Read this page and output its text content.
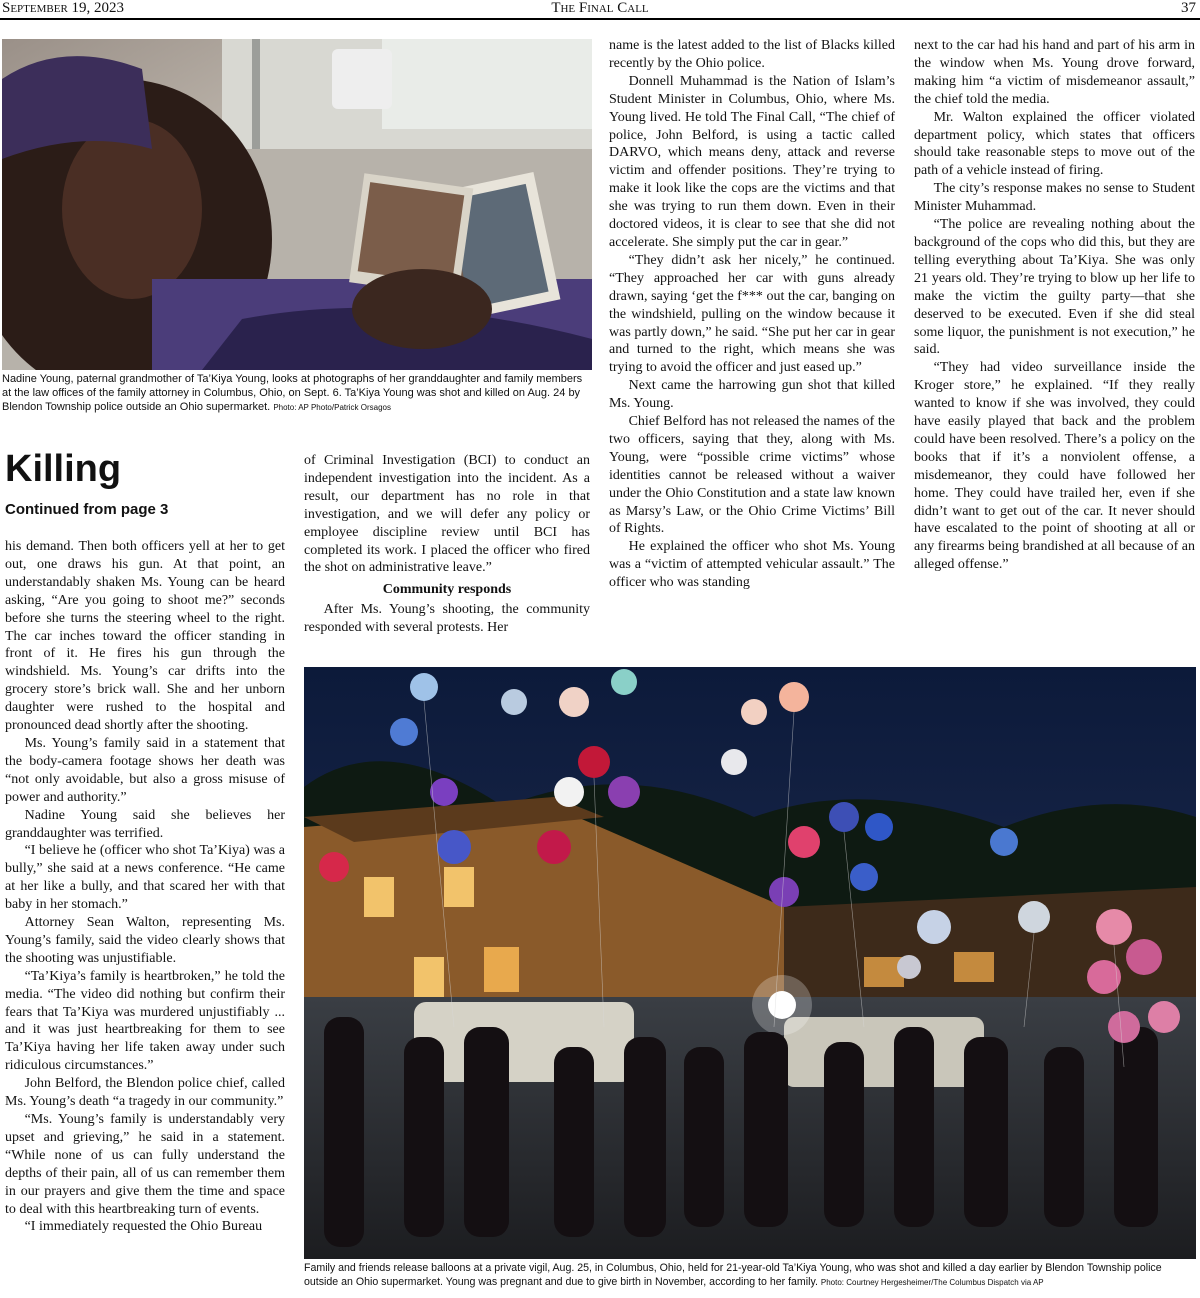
September 19, 2023	The Final Call	37
Nadine Young, paternal grandmother of Ta’Kiya Young, looks at photographs of her granddaughter and family members at the law offices of the family attorney in Columbus, Ohio, on Sept. 6. Ta’Kiya Young was shot and killed on Aug. 24 by Blendon Township police outside an Ohio supermarket. Photo: AP Photo/Patrick Orsagos
Killing
Continued from page 3

his demand. Then both officers yell at her to get out, one draws his gun. At that point, an understandably shaken Ms. Young can be heard asking, “Are you going to shoot me?” seconds before she turns the steering wheel to the right. The car inches toward the officer standing in front of it. He fires his gun through the windshield. Ms. Young’s car drifts into the grocery store’s brick wall. She and her unborn daughter were rushed to the hospital and pronounced dead shortly after the shooting.

Ms. Young’s family said in a statement that the body-camera footage shows her death was “not only avoidable, but also a gross misuse of power and authority.”

Nadine Young said she believes her granddaughter was terrified.

“I believe he (officer who shot Ta’Kiya) was a bully,” she said at a news conference. “He came at her like a bully, and that scared her with that baby in her stomach.”

Attorney Sean Walton, representing Ms. Young’s family, said the video clearly shows that the shooting was unjustifiable.

“Ta’Kiya’s family is heartbroken,” he told the media. “The video did nothing but confirm their fears that Ta’Kiya was murdered unjustifiably ... and it was just heartbreaking for them to see Ta’Kiya having her life taken away under such ridiculous circumstances.”

John Belford, the Blendon police chief, called Ms. Young’s death “a tragedy in our community.”

“Ms. Young’s family is understandably very upset and grieving,” he said in a statement. “While none of us can fully understand the depths of their pain, all of us can remember them in our prayers and give them the time and space to deal with this heartbreaking turn of events.

“I immediately requested the Ohio Bureau

of Criminal Investigation (BCI) to conduct an independent investigation into the incident. As a result, our department has no role in that investigation, and we will defer any policy or employee discipline review until BCI has completed its work. I placed the officer who fired the shot on administrative leave.”

Community responds

After Ms. Young’s shooting, the community responded with several protests. Her

name is the latest added to the list of Blacks killed recently by the Ohio police.

Donnell Muhammad is the Nation of Islam’s Student Minister in Columbus, Ohio, where Ms. Young lived. He told The Final Call, “The chief of police, John Belford, is using a tactic called DARVO, which means deny, attack and reverse victim and offender positions. They’re trying to make it look like the cops are the victims and that she was trying to run them down. Even in their doctored videos, it is clear to see that she did not accelerate. She simply put the car in gear.”

“They didn’t ask her nicely,” he continued. “They approached her car with guns already drawn, saying ‘get the f*** out the car, banging on the windshield, pulling on the window because it was partly down,” he said. “She put her car in gear and turned to the right, which means she was trying to avoid the officer and just eased up.”

Next came the harrowing gun shot that killed Ms. Young.

Chief Belford has not released the names of the two officers, saying that they, along with Ms. Young, were “possible crime victims” whose identities cannot be released without a waiver under the Ohio Constitution and a state law known as Marsy’s Law, or the Ohio Crime Victims’ Bill of Rights.

He explained the officer who shot Ms. Young was a “victim of attempted vehicular assault.” The officer who was standing

next to the car had his hand and part of his arm in the window when Ms. Young drove forward, making him “a victim of misdemeanor assault,” the chief told the media.

Mr. Walton explained the officer violated department policy, which states that officers should take reasonable steps to move out of the path of a vehicle instead of firing.

The city’s response makes no sense to Student Minister Muhammad.

“The police are revealing nothing about the background of the cops who did this, but they are telling everything about Ta’Kiya. She was only 21 years old. They’re trying to blow up her life to make the victim the guilty party—that she deserved to be executed. Even if she did steal some liquor, the punishment is not execution,” he said.

“They had video surveillance inside the Kroger store,” he explained. “If they really wanted to know if she was involved, they could have easily played that back and the problem could have been resolved. There’s a policy on the books that if it’s a nonviolent offense, a misdemeanor, they could have followed her home. They could have trailed her, even if she didn’t want to get out of the car. It never should have escalated to the point of shooting at all or any firearms being brandished at all because of an alleged offense.”

Family and friends release balloons at a private vigil, Aug. 25, in Columbus, Ohio, held for 21-year-old Ta’Kiya Young, who was shot and killed a day earlier by Blendon Township police outside an Ohio supermarket. Young was pregnant and due to give birth in November, according to her family. Photo: Courtney Hergesheimer/The Columbus Dispatch via AP
